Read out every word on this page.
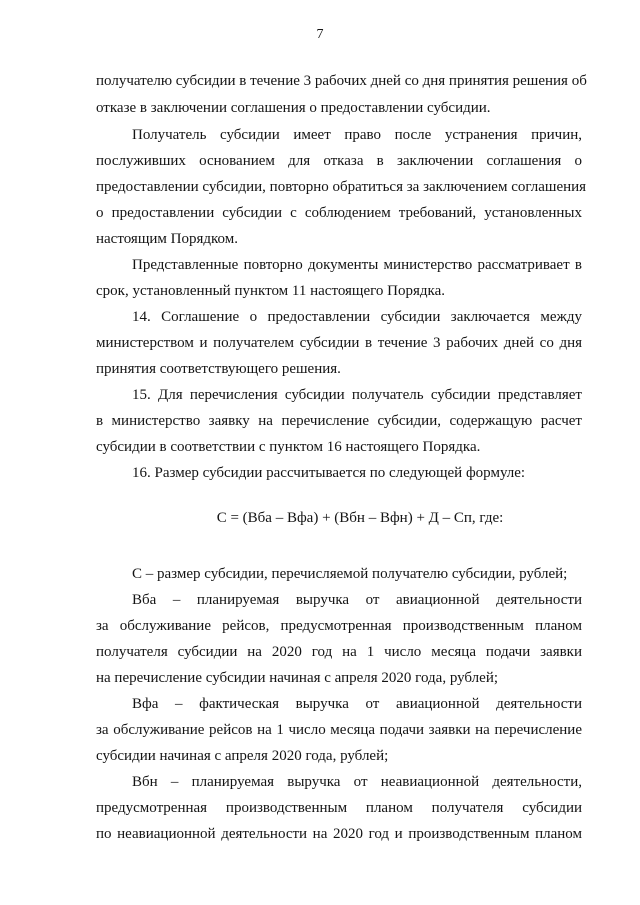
7
получателю субсидии в течение 3 рабочих дней со дня принятия решения об
отказе в заключении соглашения о предоставлении субсидии.
Получатель субсидии имеет право после устранения причин,
послуживших основанием для отказа в заключении соглашения о
предоставлении субсидии, повторно обратиться за заключением соглашения
о предоставлении субсидии с соблюдением требований, установленных
настоящим Порядком.
Представленные повторно документы министерство рассматривает в
срок, установленный пунктом 11 настоящего Порядка.
14. Соглашение о предоставлении субсидии заключается между
министерством и получателем субсидии в течение 3 рабочих дней со дня
принятия соответствующего решения.
15. Для перечисления субсидии получатель субсидии представляет
в министерство заявку на перечисление субсидии, содержащую расчет
субсидии в соответствии с пунктом 16 настоящего Порядка.
16. Размер субсидии рассчитывается по следующей формуле:
С = (Вба – Вфа) + (Вбн – Вфн) + Д – Сп, где:
С – размер субсидии, перечисляемой получателю субсидии, рублей;
Вба – планируемая выручка от авиационной деятельности
за обслуживание рейсов, предусмотренная производственным планом
получателя субсидии на 2020 год на 1 число месяца подачи заявки
на перечисление субсидии начиная с апреля 2020 года, рублей;
Вфа – фактическая выручка от авиационной деятельности
за обслуживание рейсов на 1 число месяца подачи заявки на перечисление
субсидии начиная с апреля 2020 года, рублей;
Вбн – планируемая выручка от неавиационной деятельности,
предусмотренная производственным планом получателя субсидии
по неавиационной деятельности на 2020 год и производственным планом
